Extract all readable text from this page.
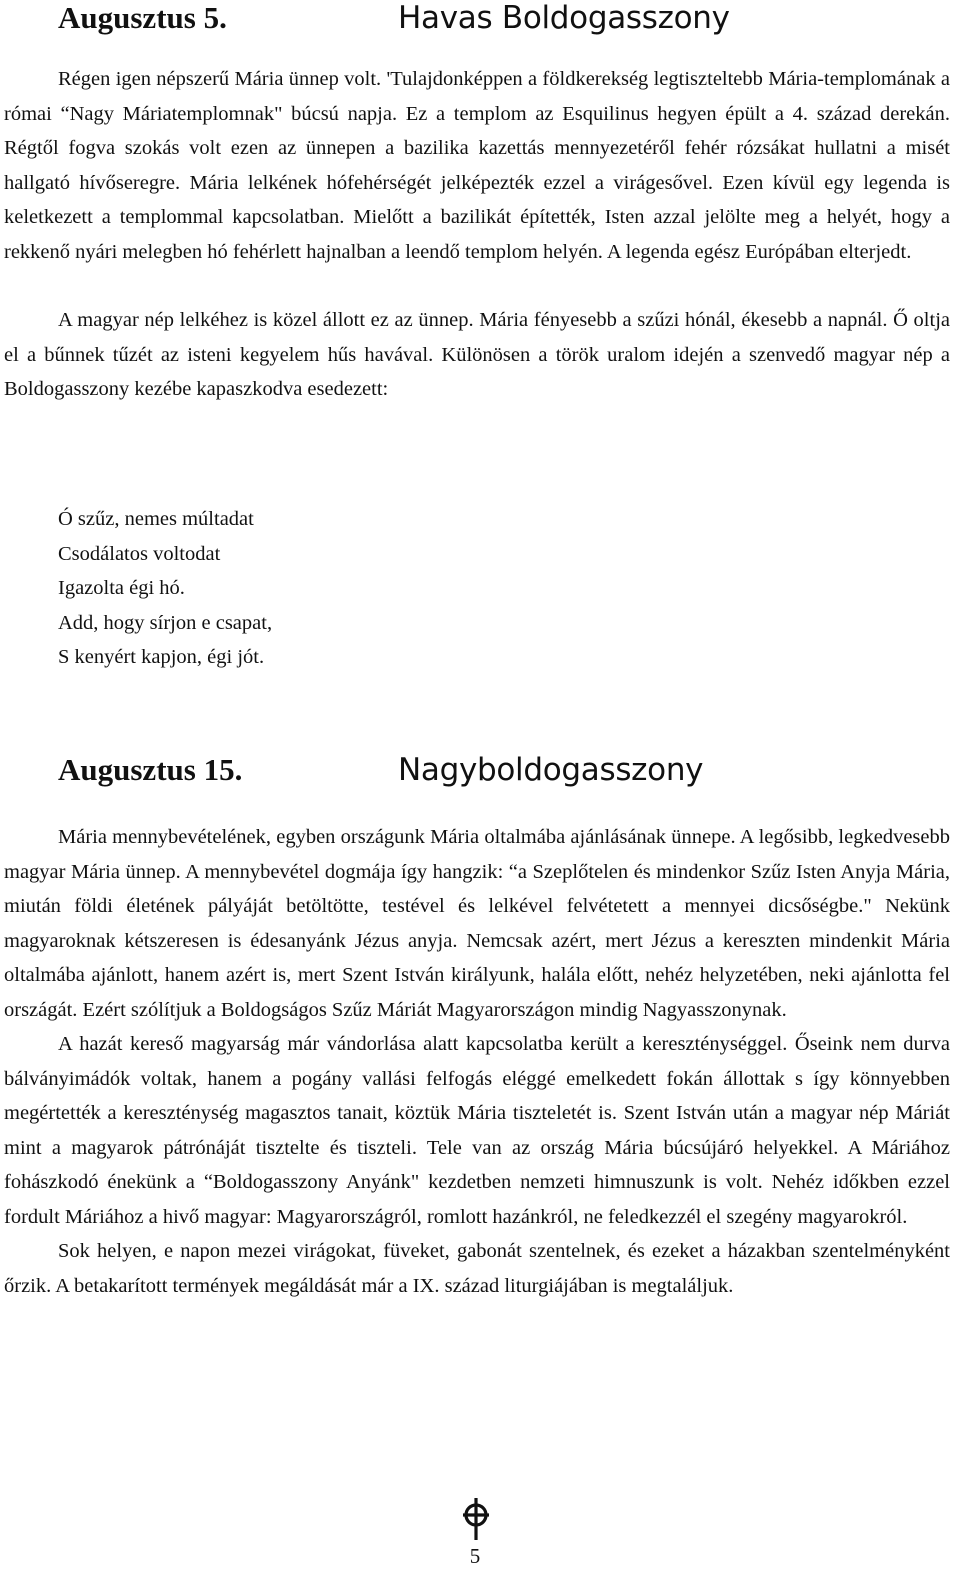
Augusztus 5.	Havas Boldogasszony

Régen igen népszerű Mária ünnep volt. 'Tulajdonképpen a földkerekség legtiszteltebb Mária-templomának a római “Nagy Máriatemplomnak" búcsú napja. Ez a templom az Esquilinus hegyen épült a 4. század derekán. Régtől fogva szokás volt ezen az ünnepen a bazilika kazettás mennyezetéről fehér rózsákat hullatni a misét hallgató hívőseregre. Mária lelkének hófehérségét jelképezték ezzel a virágesővel. Ezen kívül egy legenda is keletkezett a templommal kapcsolatban. Mielőtt a bazilikát építették, Isten azzal jelölte meg a helyét, hogy a rekkenő nyári melegben hó fehérlett hajnalban a leendő templom helyén. A legenda egész Európában elterjedt.

A magyar nép lelkéhez is közel állott ez az ünnep. Mária fényesebb a szűzi hónál, ékesebb a napnál. Ő oltja el a bűnnek tűzét az isteni kegyelem hűs havával. Különösen a török uralom idején a szenvedő magyar nép a Boldogasszony kezébe kapaszkodva esedezett:

Ó szűz, nemes múltadat
Csodálatos voltodat
Igazolta égi hó.
Add, hogy sírjon e csapat,
S kenyért kapjon, égi jót.
Augusztus 15.	Nagyboldogasszony

Mária mennybevételének, egyben országunk Mária oltalmába ajánlásának ünnepe. A legősibb, legkedvesebb magyar Mária ünnep. A mennybevétel dogmája így hangzik: “a Szeplőtelen és mindenkor Szűz Isten Anyja Mária, miután földi életének pályáját betöltötte, testével és lelkével felvétetett a mennyei dicsőségbe." Nekünk magyaroknak kétszeresen is édesanyánk Jézus anyja. Nemcsak azért, mert Jézus a kereszten mindenkit Mária oltalmába ajánlott, hanem azért is, mert Szent István királyunk, halála előtt, nehéz helyzetében, neki ajánlotta fel országát. Ezért szólítjuk a Boldogságos Szűz Máriát Magyarországon mindig Nagyasszonynak.

A hazát kereső magyarság már vándorlása alatt kapcsolatba került a kereszténységgel. Őseink nem durva bálványimádók voltak, hanem a pogány vallási felfogás eléggé emelkedett fokán állottak s így könnyebben megértették a kereszténység magasztos tanait, köztük Mária tiszteletét is. Szent István után a magyar nép Máriát mint a magyarok pátrónáját tisztelte és tiszteli. Tele van az ország Mária búcsújáró helyekkel. A Máriához fohászkodó énekünk a “Boldogasszony Anyánk" kezdetben nemzeti himnuszunk is volt. Nehéz időkben ezzel fordult Máriához a hivő magyar: Magyarországról, romlott hazánkról, ne feledkezzél el szegény magyarokról.

Sok helyen, e napon mezei virágokat, füveket, gabonát szentelnek, és ezeket a házakban szentelményként őrzik. A betakarított termények megáldását már a IX. század liturgiájában is megtaláljuk.

5
